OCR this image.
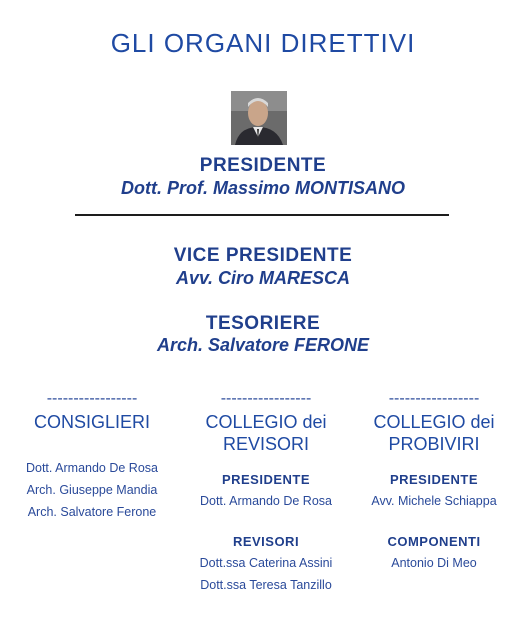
GLI ORGANI DIRETTIVI
PRESIDENTE
Dott. Prof. Massimo MONTISANO
VICE PRESIDENTE
Avv. Ciro MARESCA
TESORIERE
Arch. Salvatore FERONE
-----------------
CONSIGLIERI
Dott. Armando De Rosa
Arch. Giuseppe Mandia
Arch. Salvatore Ferone
-----------------
COLLEGIO dei
REVISORI
PRESIDENTE
Dott. Armando De Rosa
REVISORI
Dott.ssa Caterina Assini
Dott.ssa Teresa Tanzillo
-----------------
COLLEGIO dei
PROBIVIRI
PRESIDENTE
Avv. Michele Schiappa
COMPONENTI
Antonio Di Meo
